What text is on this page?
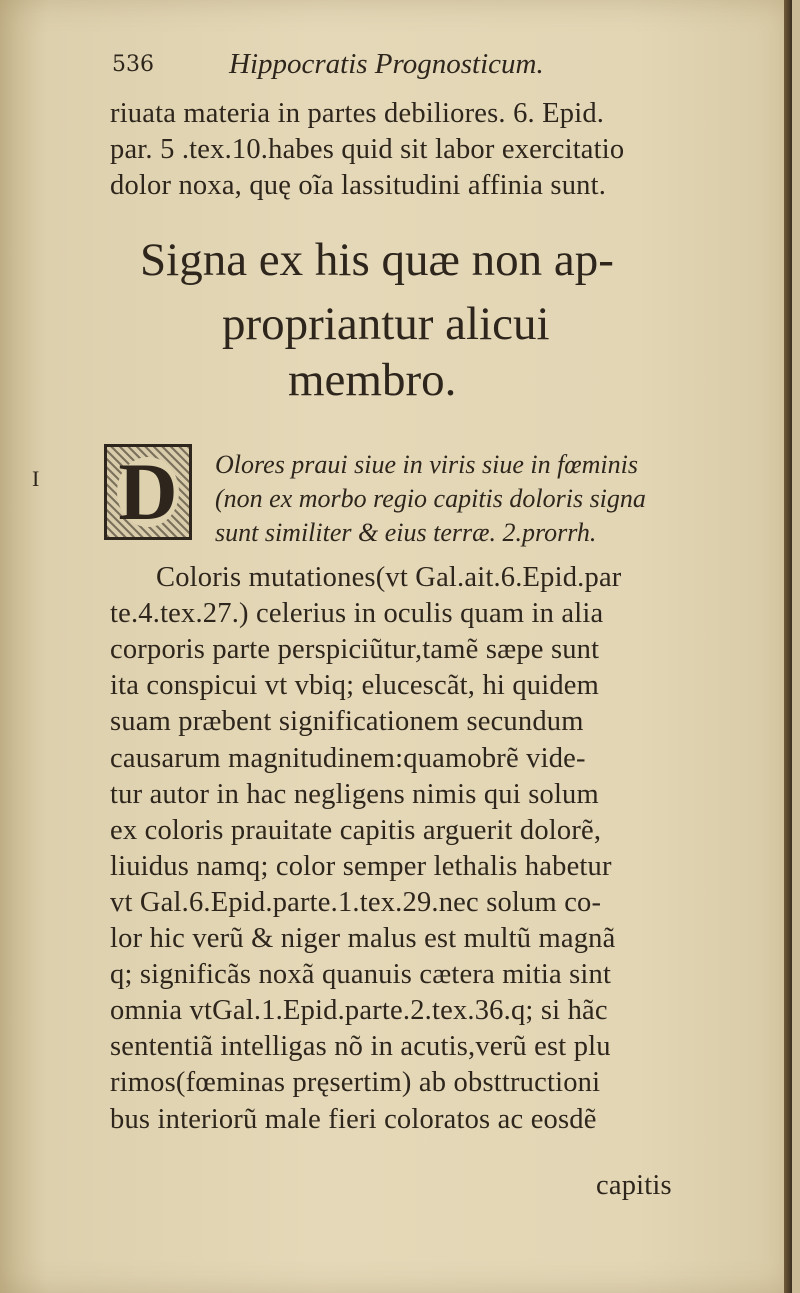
536	Hippocratis Prognosticum.
riuata materia in partes debiliores. 6. Epid.
par. 5 .tex.10.habes quid sit labor exercitatio
dolor noxa, quę oĩa lassitudini affinia sunt.
Signa ex his quæ non ap-
propriantur alicui
membro.
I D Olores praui siue in viris siue in fœminis
(non ex morbo regio capitis doloris signa
sunt similiter & eius terræ. 2.prorrh.
Coloris mutationes(vt Gal.ait.6.Epid.par
te.4.tex.27.) celerius in oculis quam in alia
corporis parte perspiciũtur,tamẽ sæpe sunt
ita conspicui vt vbiq; elucescãt, hi quidem
suam præbent significationem secundum
causarum magnitudinem:quamobrẽ vide-
tur autor in hac negligens nimis qui solum
ex coloris prauitate capitis arguerit dolorẽ,
liuidus namq; color semper lethalis habetur
vt Gal.6.Epid.parte.1.tex.29.nec solum co-
lor hic verũ & niger malus est multũ magnã
q; significãs noxã quanuis cætera mitia sint
omnia vtGal.1.Epid.parte.2.tex.36.q; si hãc
sententiã intelligas nõ in acutis,verũ est plu
rimos(fœminas pręsertim) ab obsttructioni
bus interiorũ male fieri coloratos ac eosdẽ
capitis
